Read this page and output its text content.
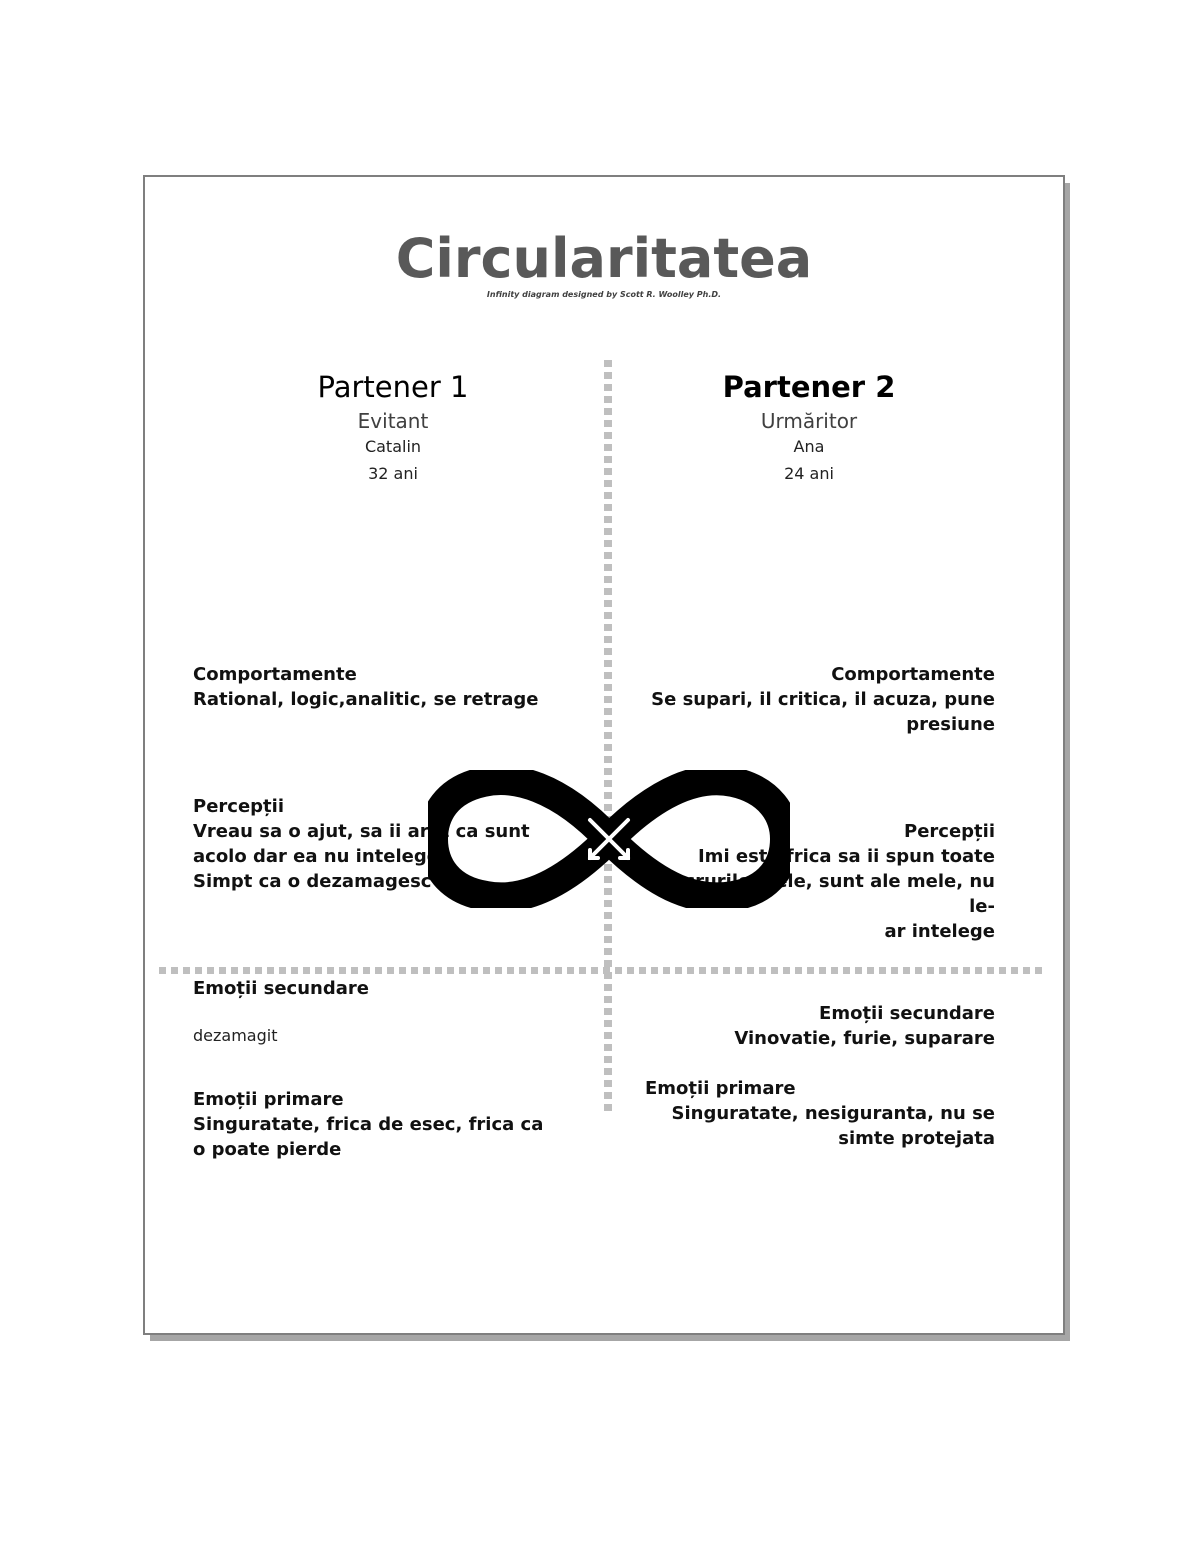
Circularitatea
Infinity diagram designed by Scott R. Woolley Ph.D.
Partener 1
Evitant
Catalin
32 ani
Partener 2
Urmăritor
Ana
24 ani
Comportamente
Rational, logic,analitic, se retrage
Percepții
Vreau sa o ajut, sa ii arat ca sunt
acolo dar ea nu intelege
Simpt ca o dezamagesc
Emoții secundare
dezamagit
Emoții primare
Singuratate, frica de esec, frica ca
o poate pierde
Comportamente
Se supari, il critica, il acuza, pune
presiune
Percepții
Imi este frica sa ii spun toate
lucrurile mele, sunt ale mele, nu le-
ar intelege
Emoții secundare
Vinovatie, furie, suparare
Emoții primare
Singuratate, nesiguranta, nu se
simte protejata
